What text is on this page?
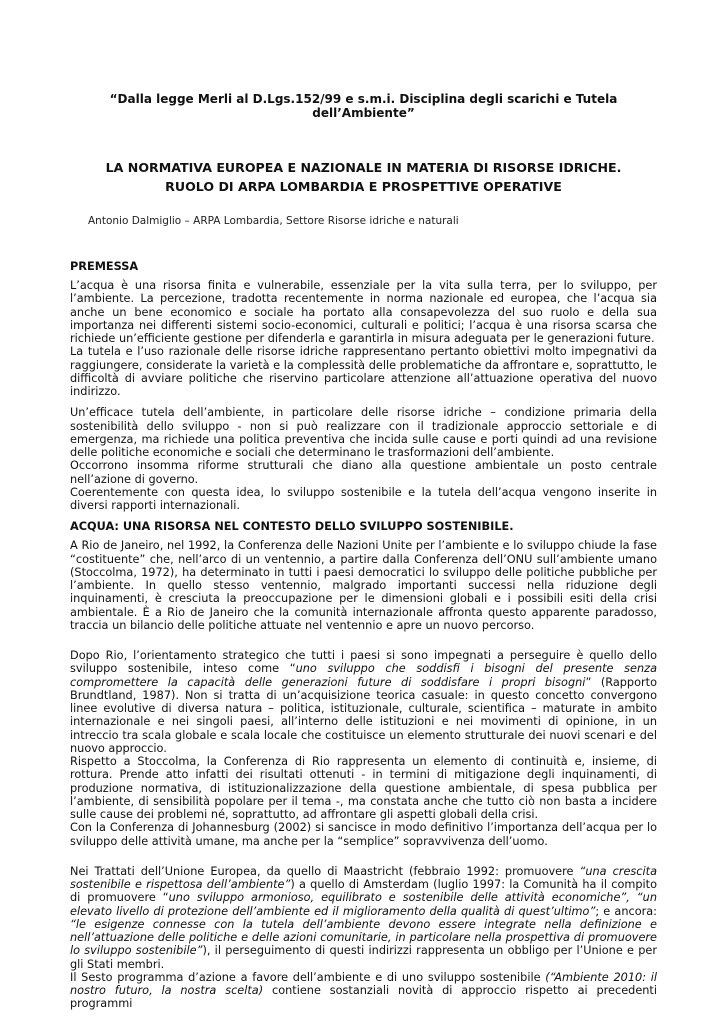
“Dalla legge Merli al D.Lgs.152/99 e s.m.i. Disciplina degli scarichi e Tutela dell’Ambiente”

LA NORMATIVA EUROPEA E NAZIONALE IN MATERIA DI RISORSE IDRICHE.
RUOLO DI ARPA LOMBARDIA E PROSPETTIVE OPERATIVE

Antonio Dalmiglio – ARPA Lombardia, Settore Risorse idriche e naturali

PREMESSA

L’acqua è una risorsa finita e vulnerabile, essenziale per la vita sulla terra, per lo sviluppo, per l’ambiente. La percezione, tradotta recentemente in norma nazionale ed europea, che l’acqua sia anche un bene economico e sociale ha portato alla consapevolezza del suo ruolo e della sua importanza nei differenti sistemi socio-economici, culturali e politici; l’acqua è una risorsa scarsa che richiede un’efficiente gestione per difenderla e garantirla in misura adeguata per le generazioni future.

La tutela e l’uso razionale delle risorse idriche rappresentano pertanto obiettivi molto impegnativi da raggiungere, considerate la varietà e la complessità delle problematiche da affrontare e, soprattutto, le difficoltà di avviare politiche che riservino particolare attenzione all’attuazione operativa del nuovo indirizzo.

Un’efficace tutela dell’ambiente, in particolare delle risorse idriche – condizione primaria della sostenibilità dello sviluppo - non si può realizzare con il tradizionale approccio settoriale e di emergenza, ma richiede una politica preventiva che incida sulle cause e porti quindi ad una revisione delle politiche economiche e sociali che determinano le trasformazioni dell’ambiente.

Occorrono insomma riforme strutturali che diano alla questione ambientale un posto centrale nell’azione di governo.

Coerentemente con questa idea, lo sviluppo sostenibile e la tutela dell’acqua vengono inserite in diversi rapporti internazionali.

ACQUA: UNA RISORSA NEL CONTESTO DELLO SVILUPPO SOSTENIBILE.

A Rio de Janeiro, nel 1992, la Conferenza delle Nazioni Unite per l’ambiente e lo sviluppo chiude la fase “costituente” che, nell’arco di un ventennio, a partire dalla Conferenza dell’ONU sull’ambiente umano (Stoccolma, 1972), ha determinato in tutti i paesi democratici lo sviluppo delle politiche pubbliche per l’ambiente. In quello stesso ventennio, malgrado importanti successi nella riduzione degli inquinamenti, è cresciuta la preoccupazione per le dimensioni globali e i possibili esiti della crisi ambientale. È a Rio de Janeiro che la comunità internazionale affronta questo apparente paradosso, traccia un bilancio delle politiche attuate nel ventennio e apre un nuovo percorso.

Dopo Rio, l’orientamento strategico che tutti i paesi si sono impegnati a perseguire è quello dello sviluppo sostenibile, inteso come “uno sviluppo che soddisfi i bisogni del presente senza compromettere la capacità delle generazioni future di soddisfare i propri bisogni” (Rapporto Brundtland, 1987). Non si tratta di un’acquisizione teorica casuale: in questo concetto convergono linee evolutive di diversa natura – politica, istituzionale, culturale, scientifica – maturate in ambito internazionale e nei singoli paesi, all’interno delle istituzioni e nei movimenti di opinione, in un intreccio tra scala globale e scala locale che costituisce un elemento strutturale dei nuovi scenari e del nuovo approccio.

Rispetto a Stoccolma, la Conferenza di Rio rappresenta un elemento di continuità e, insieme, di rottura. Prende atto infatti dei risultati ottenuti - in termini di mitigazione degli inquinamenti, di produzione normativa, di istituzionalizzazione della questione ambientale, di spesa pubblica per l’ambiente, di sensibilità popolare per il tema -, ma constata anche che tutto ciò non basta a incidere sulle cause dei problemi né, soprattutto, ad affrontare gli aspetti globali della crisi.

Con la Conferenza di Johannesburg (2002) si sancisce in modo definitivo l’importanza dell’acqua per lo sviluppo delle attività umane, ma anche per la “semplice” sopravvivenza dell’uomo.

Nei Trattati dell’Unione Europea, da quello di Maastricht (febbraio 1992: promuovere “una crescita sostenibile e rispettosa dell’ambiente”) a quello di Amsterdam (luglio 1997: la Comunità ha il compito di promuovere “uno sviluppo armonioso, equilibrato e sostenibile delle attività economiche”, “un elevato livello di protezione dell’ambiente ed il miglioramento della qualità di quest’ultimo”; e ancora: “le esigenze connesse con la tutela dell’ambiente devono essere integrate nella definizione e nell’attuazione delle politiche e delle azioni comunitarie, in particolare nella prospettiva di promuovere lo sviluppo sostenibile”), il perseguimento di questi indirizzi rappresenta un obbligo per l’Unione e per gli Stati membri.

Il Sesto programma d’azione a favore dell’ambiente e di uno sviluppo sostenibile (“Ambiente 2010: il nostro futuro, la nostra scelta) contiene sostanziali novità di approccio rispetto ai precedenti programmi
